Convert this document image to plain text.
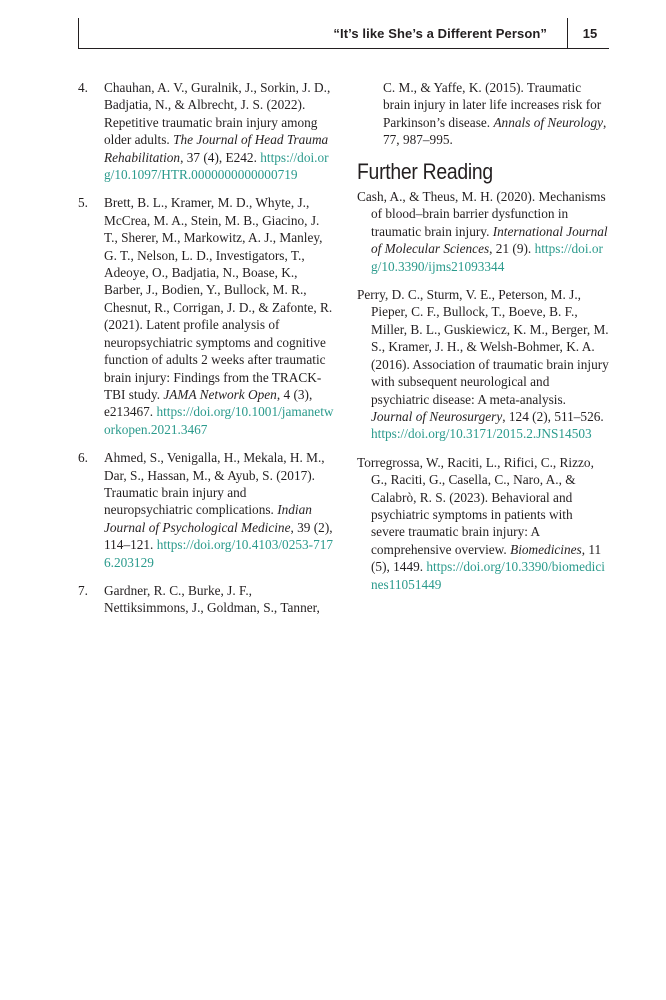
“It’s like She’s a Different Person”	15

4. Chauhan, A. V., Guralnik, J., Sorkin, J. D., Badjatia, N., & Albrecht, J. S. (2022). Repetitive traumatic brain injury among older adults. The Journal of Head Trauma Rehabilitation, 37 (4), E242. https://doi.org/10.1097/HTR.0000000000000719

5. Brett, B. L., Kramer, M. D., Whyte, J., McCrea, M. A., Stein, M. B., Giacino, J. T., Sherer, M., Markowitz, A. J., Manley, G. T., Nelson, L. D., Investigators, T., Adeoye, O., Badjatia, N., Boase, K., Barber, J., Bodien, Y., Bullock, M. R., Chesnut, R., Corrigan, J. D., & Zafonte, R. (2021). Latent profile analysis of neuropsychiatric symptoms and cognitive function of adults 2 weeks after traumatic brain injury: Findings from the TRACK-TBI study. JAMA Network Open, 4 (3), e213467. https://doi.org/10.1001/jamanetworkopen.2021.3467

6. Ahmed, S., Venigalla, H., Mekala, H. M., Dar, S., Hassan, M., & Ayub, S. (2017). Traumatic brain injury and neuropsychiatric complications. Indian Journal of Psychological Medicine, 39 (2), 114–121. https://doi.org/10.4103/0253-7176.203129

7. Gardner, R. C., Burke, J. F., Nettiksimmons, J., Goldman, S., Tanner,

C. M., & Yaffe, K. (2015). Traumatic brain injury in later life increases risk for Parkinson’s disease. Annals of Neurology, 77, 987–995.

Further Reading

Cash, A., & Theus, M. H. (2020). Mechanisms of blood–brain barrier dysfunction in traumatic brain injury. International Journal of Molecular Sciences, 21 (9). https://doi.org/10.3390/ijms21093344

Perry, D. C., Sturm, V. E., Peterson, M. J., Pieper, C. F., Bullock, T., Boeve, B. F., Miller, B. L., Guskiewicz, K. M., Berger, M. S., Kramer, J. H., & Welsh-Bohmer, K. A. (2016). Association of traumatic brain injury with subsequent neurological and psychiatric disease: A meta-analysis. Journal of Neurosurgery, 124 (2), 511–526. https://doi.org/10.3171/2015.2.JNS14503

Torregrossa, W., Raciti, L., Rifici, C., Rizzo, G., Raciti, G., Casella, C., Naro, A., & Calabrò, R. S. (2023). Behavioral and psychiatric symptoms in patients with severe traumatic brain injury: A comprehensive overview. Biomedicines, 11 (5), 1449. https://doi.org/10.3390/biomedicines11051449
